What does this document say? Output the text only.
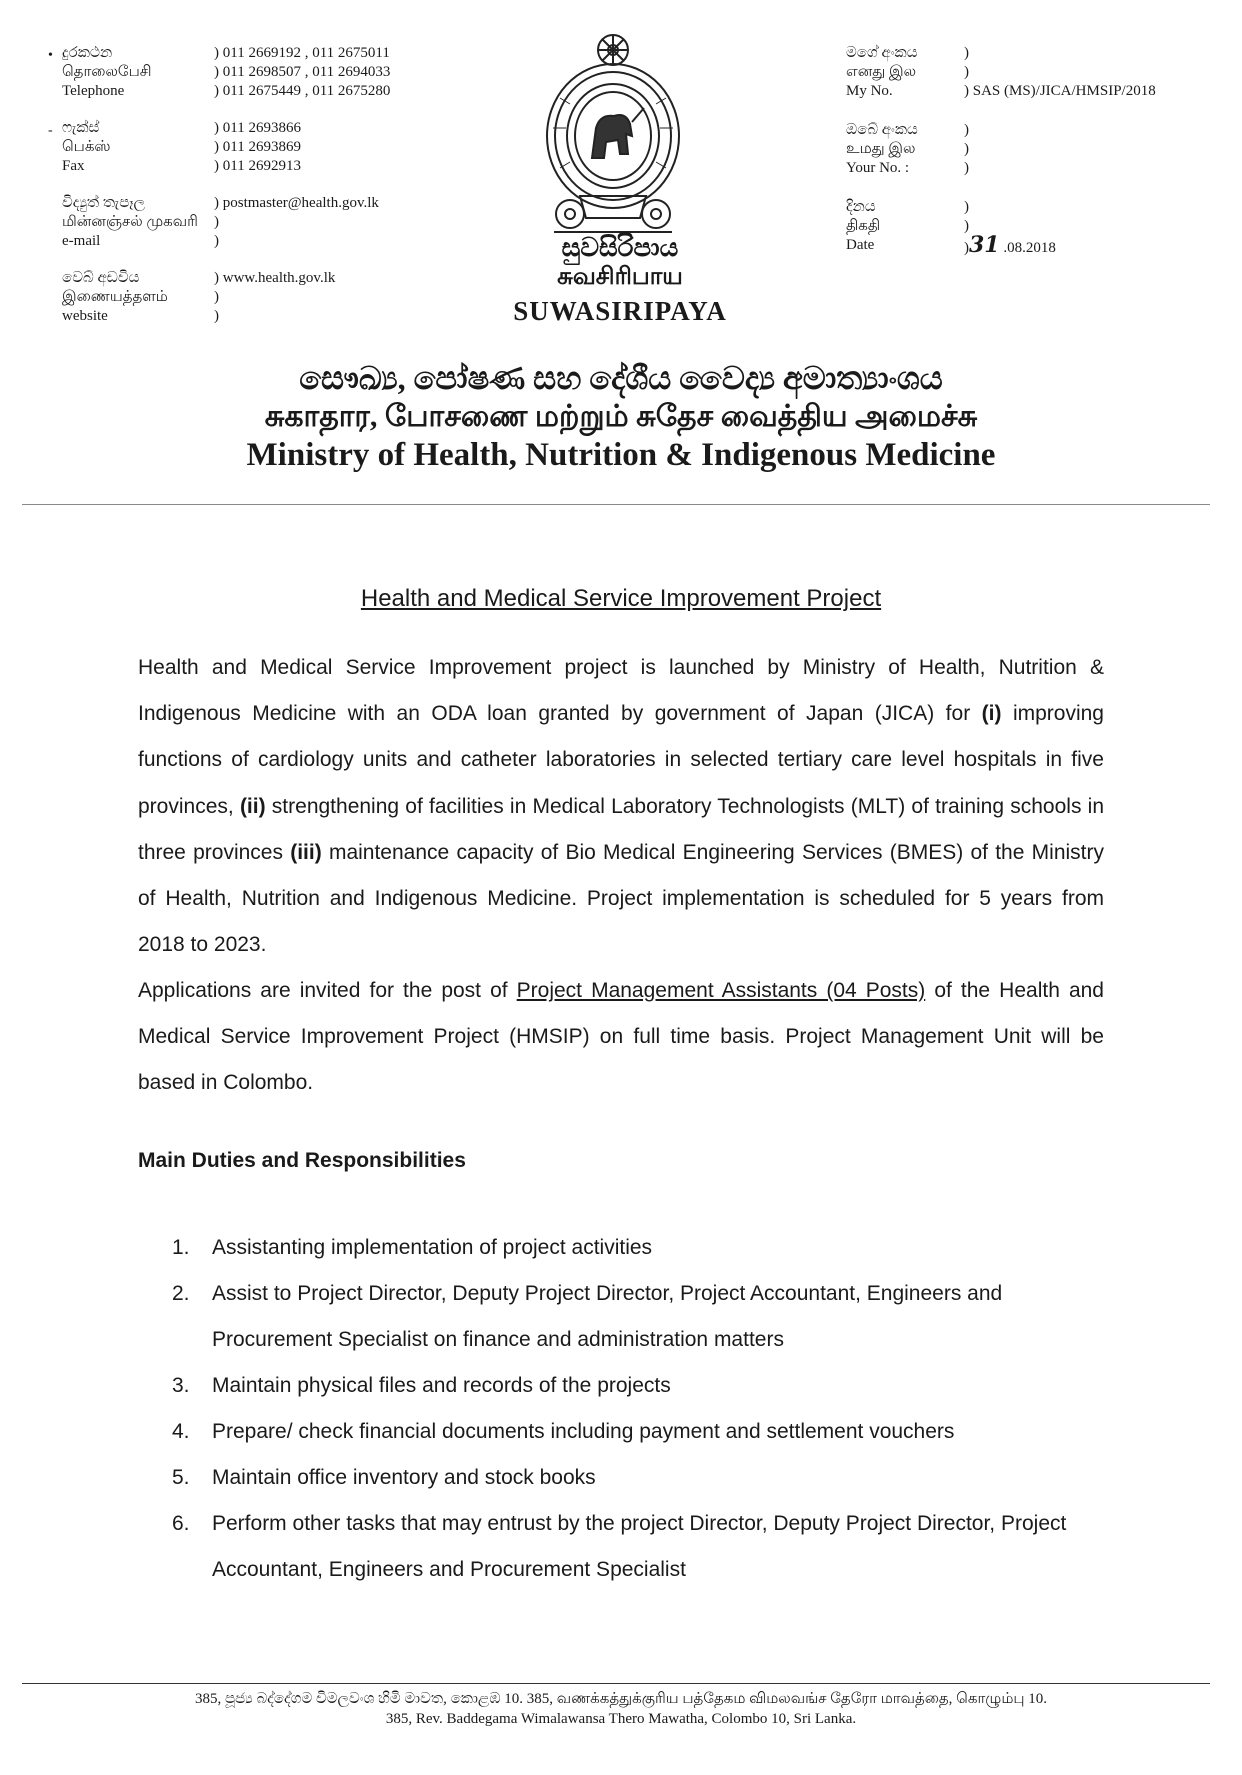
• දුරකථන	) 011 2669192 , 011 2675011
தொலைபேசி	) 011 2698507 , 011 2694033
Telephone	) 011 2675449 , 011 2675280
- ෆැක්ස්	) 011 2693866
பெக்ஸ்	) 011 2693869
Fax	) 011 2692913
විද්‍යුත් තැපෑල	) postmaster@health.gov.lk
மின்னஞ்சல் முகவரி	)
e-mail	)
වෙබ් අඩවිය	) www.health.gov.lk
இணையத்தளம்	)
website	)
සුවසිරිපාය
சுவசிரிபாய
SUWASIRIPAYA
මගේ අංකය	)
எனது இல	)
My No.	) SAS (MS)/JICA/HMSIP/2018
ඔබේ අංකය	)
உமது இல	)
Your No. :	)
දිනය	)
திகதி	)
Date	)31 .08.2018
සෞඛ්‍ය, පෝෂණ සහ දේශීය වෛද්‍ය අමාත්‍යාංශය
சுகாதார, போசணை மற்றும் சுதேச வைத்திய அமைச்சு
Ministry of Health, Nutrition & Indigenous Medicine
Health and Medical Service Improvement Project
Health and Medical Service Improvement project is launched by Ministry of Health, Nutrition & Indigenous Medicine with an ODA loan granted by government of Japan (JICA) for (i) improving functions of cardiology units and catheter laboratories in selected tertiary care level hospitals in five provinces, (ii) strengthening of facilities in Medical Laboratory Technologists (MLT) of training schools in three provinces (iii) maintenance capacity of Bio Medical Engineering Services (BMES) of the Ministry of Health, Nutrition and Indigenous Medicine. Project implementation is scheduled for 5 years from 2018 to 2023.
Applications are invited for the post of Project Management Assistants (04 Posts) of the Health and Medical Service Improvement Project (HMSIP) on full time basis. Project Management Unit will be based in Colombo.
Main Duties and Responsibilities
1.	Assistanting implementation of project activities
2.	Assist to Project Director, Deputy Project Director, Project Accountant, Engineers and Procurement Specialist on finance and administration matters
3.	Maintain physical files and records of the projects
4.	Prepare/ check financial documents including payment and settlement vouchers
5.	Maintain office inventory and stock books
6.	Perform other tasks that may entrust by the project Director, Deputy Project Director, Project Accountant, Engineers and Procurement Specialist
385, පූජ්‍ය බද්දේගම විමලවංශ හිමි මාවත, කොළඹ 10. 385, வணக்கத்துக்குரிய பத்தேகம விமலவங்ச தேரோ மாவத்தை, கொழும்பு 10.
385, Rev. Baddegama Wimalawansa Thero Mawatha, Colombo 10, Sri Lanka.
